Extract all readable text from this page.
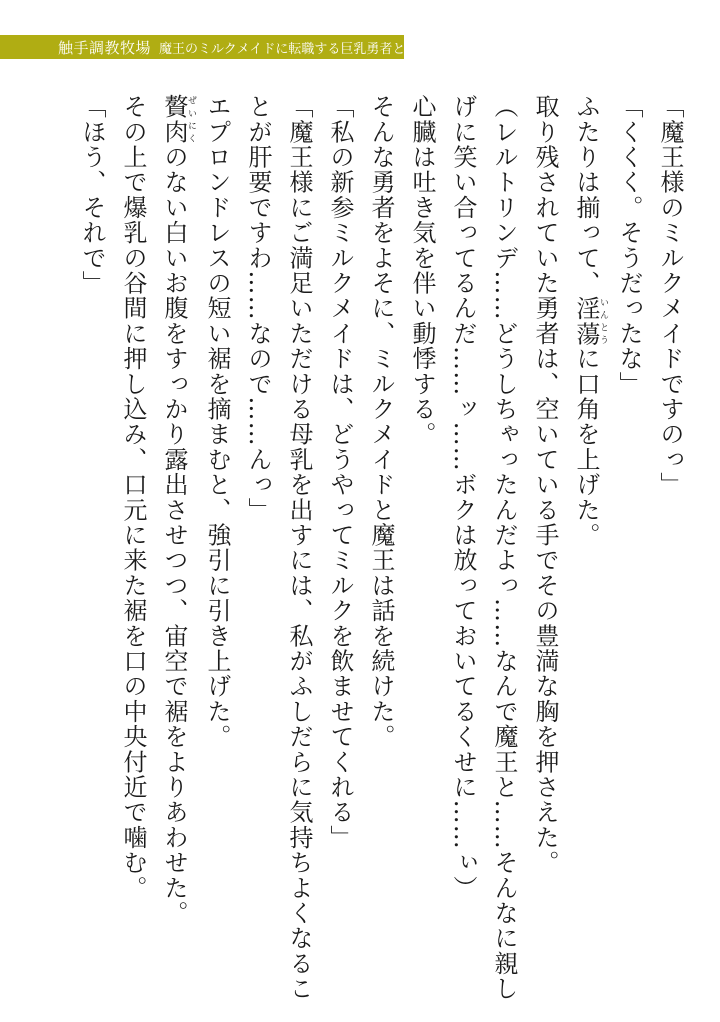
触手調教牧場 魔王のミルクメイドに転職する巨乳勇者と爆乳賢者
「魔王様のミルクメイドですのっ」
「くくく。そうだったな」
ふたりは揃って、淫蕩いんとうに口角を上げた。
取り残されていた勇者は、空いている手でその豊満な胸を押さえた。
（レルトリンデ……どうしちゃったんだよっ……なんで魔王と……そんなに親し
げに笑い合ってるんだ……ッ……ボクは放っておいてるくせに……ぃ）
心臓は吐き気を伴い動悸する。
そんな勇者をよそに、ミルクメイドと魔王は話を続けた。
「私の新参ミルクメイドは、どうやってミルクを飲ませてくれる」
「魔王様にご満足いただける母乳を出すには、私がふしだらに気持ちよくなるこ
とが肝要ですわ……なので……んっ」
エプロンドレスの短い裾を摘まむと、強引に引き上げた。
贅肉ぜいにくのない白いお腹をすっかり露出させつつ、宙空で裾をよりあわせた。
その上で爆乳の谷間に押し込み、口元に来た裾を口の中央付近で噛む。
「ほう、それで」
